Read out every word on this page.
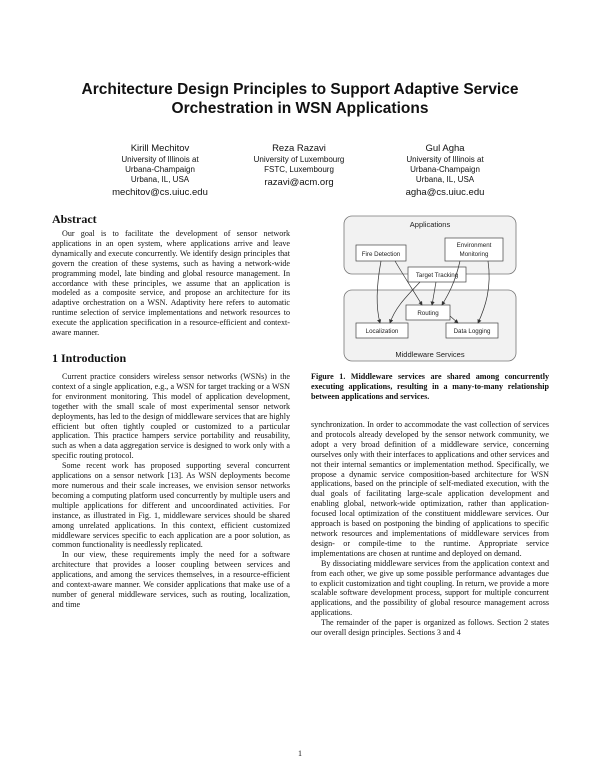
Architecture Design Principles to Support Adaptive Service
Orchestration in WSN Applications
Kirill Mechitov
University of Illinois at
Urbana-Champaign
Urbana, IL, USA
mechitov@cs.uiuc.edu
Reza Razavi
University of Luxembourg
FSTC, Luxembourg
razavi@acm.org
Gul Agha
University of Illinois at
Urbana-Champaign
Urbana, IL, USA
agha@cs.uiuc.edu
Abstract

Our goal is to facilitate the development of sensor network applications in an open system, where applications arrive and leave dynamically and execute concurrently. We identify design principles that govern the creation of these systems, such as having a network-wide programming model, late binding and global resource management. In accordance with these principles, we assume that an application is modeled as a composite service, and propose an architecture for its adaptive orchestration on a WSN. Adaptivity here refers to automatic runtime selection of service implementations and network resources to execute the application specification in a resource-efficient and context-aware manner.

1 Introduction

Current practice considers wireless sensor networks (WSNs) in the context of a single application, e.g., a WSN for target tracking or a WSN for environment monitoring. This model of application development, together with the small scale of most experimental sensor network deployments, has led to the design of middleware services that are highly efficient but often tightly coupled or customized to a particular application. This practice hampers service portability and reusability, such as when a data aggregation service is designed to work only with a specific routing protocol.

Some recent work has proposed supporting several concurrent applications on a sensor network [13]. As WSN deployments become more numerous and their scale increases, we envision sensor networks becoming a computing platform used concurrently by multiple users and multiple applications for different and uncoordinated activities. For instance, as illustrated in Fig. 1, middleware services should be shared among unrelated applications. In this context, efficient customized middleware services specific to each application are a poor solution, as common functionality is needlessly replicated.

In our view, these requirements imply the need for a software architecture that provides a looser coupling between services and applications, and among the services themselves, in a resource-efficient and context-aware manner. We consider applications that make use of a number of general middleware services, such as routing, localization, and time

Applications
Fire Detection
Environment
Monitoring
Target Tracking
Middleware Services
Routing
Localization	Data Logging
Figure 1. Middleware services are shared among concurrently executing applications, resulting in a many-to-many relationship between applications and services.

synchronization. In order to accommodate the vast collection of services and protocols already developed by the sensor network community, we adopt a very broad definition of a middleware service, concerning ourselves only with their interfaces to applications and other services and not their internal semantics or implementation method. Specifically, we propose a dynamic service composition-based architecture for WSN applications, based on the principle of self-mediated execution, with the dual goals of facilitating large-scale application development and enabling global, network-wide optimization, rather than application-focused local optimization of the constituent middleware services. Our approach is based on postponing the binding of applications to specific network resources and implementations of middleware services from design- or compile-time to the runtime. Appropriate service implementations are chosen at runtime and deployed on demand.

By dissociating middleware services from the application context and from each other, we give up some possible performance advantages due to explicit customization and tight coupling. In return, we provide a more scalable software development process, support for multiple concurrent applications, and the possibility of global resource management across applications.

The remainder of the paper is organized as follows. Section 2 states our overall design principles. Sections 3 and 4

1
